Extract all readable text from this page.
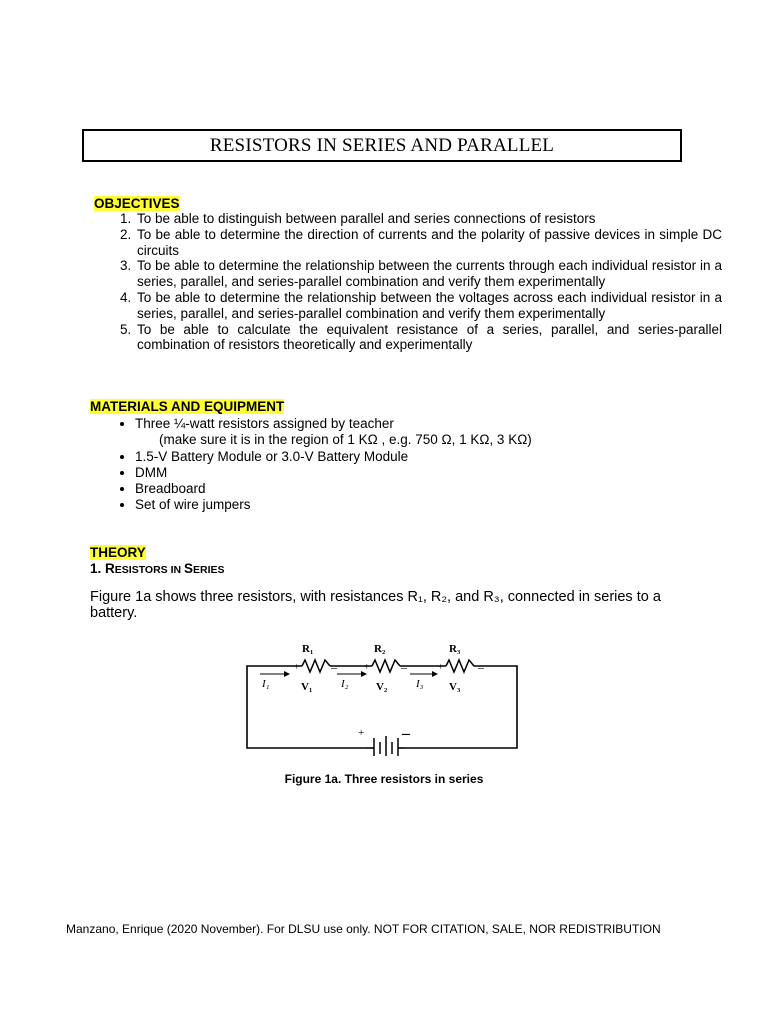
RESISTORS IN SERIES AND PARALLEL
OBJECTIVES
1. To be able to distinguish between parallel and series connections of resistors
2. To be able to determine the direction of currents and the polarity of passive devices in simple DC circuits
3. To be able to determine the relationship between the currents through each individual resistor in a series, parallel, and series-parallel combination and verify them experimentally
4. To be able to determine the relationship between the voltages across each individual resistor in a series, parallel, and series-parallel combination and verify them experimentally
5. To be able to calculate the equivalent resistance of a series, parallel, and series-parallel combination of resistors theoretically and experimentally
MATERIALS AND EQUIPMENT
• Three ¼-watt resistors assigned by teacher
(make sure it is in the region of 1 KΩ , e.g. 750 Ω, 1 KΩ, 3 KΩ)
• 1.5-V Battery Module or 3.0-V Battery Module
• DMM
• Breadboard
• Set of wire jumpers
THEORY
1. RESISTORS IN SERIES
Figure 1a shows three resistors, with resistances R₁, R₂, and R₃, connected in series to a battery.
+ –
R₁	R₂	R₃
V₁	V₂	V₃
+	–	+	–	+	–
I₁	I₂	I₃
Figure 1a. Three resistors in series
Manzano, Enrique (2020 November). For DLSU use only. NOT FOR CITATION, SALE, NOR REDISTRIBUTION
